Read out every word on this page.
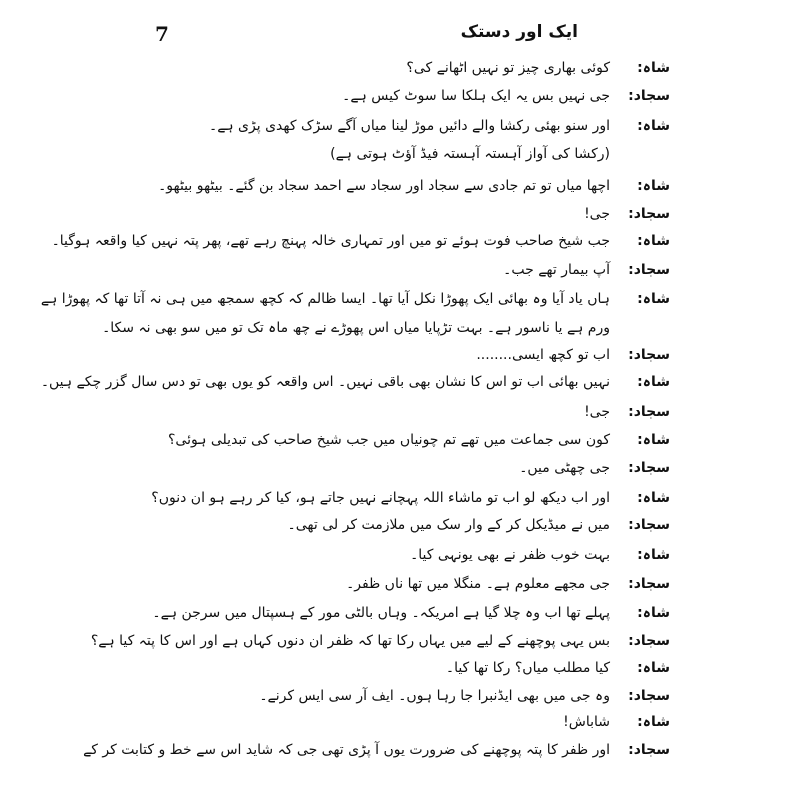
7	ایک اور دستک
شاہ:
کوئی بھاری چیز تو نہیں اٹھانے کی؟
سجاد:
جی نہیں بس یہ ایک ہلکا سا سوٹ کیس ہے۔
شاہ:
اور سنو بھئی رکشا والے دائیں موڑ لینا میاں آگے سڑک کھدی پڑی ہے۔
(رکشا کی آواز آہستہ آہستہ فیڈ آؤٹ ہوتی ہے)
شاہ:
اچھا میاں تو تم جادی سے سجاد اور سجاد سے احمد سجاد بن گئے۔ بیٹھو بیٹھو۔
سجاد:
جی!
شاہ:
جب شیخ صاحب فوت ہوئے تو میں اور تمہاری خالہ پہنچ رہے تھے، پھر پتہ نہیں کیا واقعہ ہوگیا۔
سجاد:
آپ بیمار تھے جب۔
شاہ:
ہاں یاد آیا وہ بھائی ایک پھوڑا نکل آیا تھا۔ ایسا ظالم کہ کچھ سمجھ میں ہی نہ آتا تھا کہ پھوڑا ہے
ورم ہے یا ناسور ہے۔ بہت تڑپایا میاں اس پھوڑے نے چھ ماہ تک تو میں سو بھی نہ سکا۔
سجاد:
اب تو کچھ ایسی........
شاہ:
نہیں بھائی اب تو اس کا نشان بھی باقی نہیں۔ اس واقعہ کو یوں بھی تو دس سال گزر چکے ہیں۔
سجاد:
جی!
شاہ:
کون سی جماعت میں تھے تم چونیاں میں جب شیخ صاحب کی تبدیلی ہوئی؟
سجاد:
جی چھٹی میں۔
شاہ:
اور اب دیکھ لو اب تو ماشاء اللہ پہچانے نہیں جاتے ہو، کیا کر رہے ہو ان دنوں؟
سجاد:
میں نے میڈیکل کر کے وار سک میں ملازمت کر لی تھی۔
شاہ:
بہت خوب ظفر نے بھی یونہی کیا۔
سجاد:
جی مجھے معلوم ہے۔ منگلا میں تھا ناں ظفر۔
شاہ:
پہلے تھا اب وہ چلا گیا ہے امریکہ۔ وہاں بالٹی مور کے ہسپتال میں سرجن ہے۔
سجاد:
بس یہی پوچھنے کے لیے میں یہاں رکا تھا کہ ظفر ان دنوں کہاں ہے اور اس کا پتہ کیا ہے؟
شاہ:
کیا مطلب میاں؟ رکا تھا کیا۔
سجاد:
وہ جی میں بھی ایڈنبرا جا رہا ہوں۔ ایف آر سی ایس کرنے۔
شاہ:
شاباش!
سجاد:
اور ظفر کا پتہ پوچھنے کی ضرورت یوں آ پڑی تھی جی کہ شاید اس سے خط و کتابت کر کے
